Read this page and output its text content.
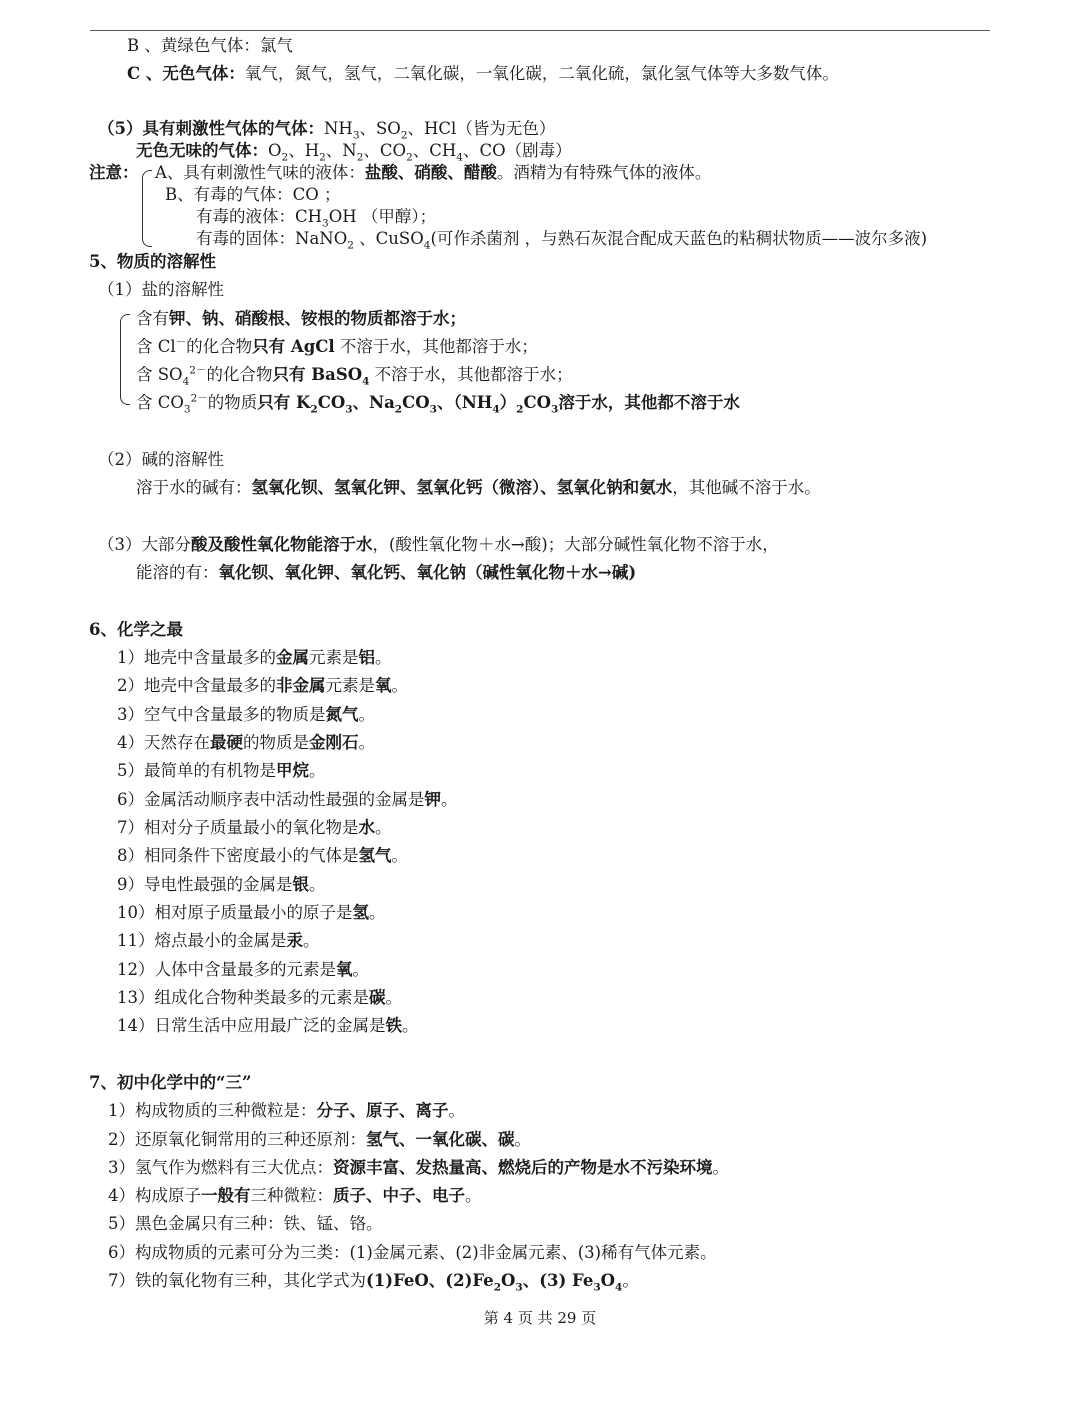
B 、黄绿色气体：氯气
C 、无色气体：氧气，氮气，氢气，二氧化碳，一氧化碳，二氧化硫，氯化氢气体等大多数气体。
（5）具有刺激性气体的气体：$NH_3$、$SO_2$、HCl（皆为无色）
无色无味的气体：$O_2$、$H_2$、$N_2$、$CO_2$、$CH_4$、CO（剧毒）
注意： A、具有刺激性气味的液体：盐酸、硝酸、醋酸。酒精为有特殊气体的液体。
B、有毒的气体：CO ；
有毒的液体：$CH_3OH$ （甲醇）；
有毒的固体：NaNO$_2$ 、CuSO$_4$(可作杀菌剂 ，与熟石灰混合配成天蓝色的粘稠状物质——波尔多液)
5、物质的溶解性
（1）盐的溶解性
含有钾、钠、硝酸根、铵根的物质都溶于水；
含 Cl－的化合物只有 AgCl 不溶于水，其他都溶于水；
含 $SO_4^{2-}$的化合物只有 BaSO$_4$ 不溶于水，其他都溶于水；
含 $CO_3^{2-}$的物质只有 $K_2CO_3$、$Na_2CO_3$、$(NH_4)_2CO_3$溶于水，其他都不溶于水
（2）碱的溶解性
溶于水的碱有：氢氧化钡、氢氧化钾、氢氧化钙（微溶）、氢氧化钠和氨水，其他碱不溶于水。
（3）大部分酸及酸性氧化物能溶于水，(酸性氧化物＋水→酸)；大部分碱性氧化物不溶于水，
能溶的有：氧化钡、氧化钾、氧化钙、氧化钠（碱性氧化物＋水→碱)
6、化学之最
1）地壳中含量最多的金属元素是铝。
2）地壳中含量最多的非金属元素是氧。
3）空气中含量最多的物质是氮气。
4）天然存在最硬的物质是金刚石。
5）最简单的有机物是甲烷。
6）金属活动顺序表中活动性最强的金属是钾。
7）相对分子质量最小的氧化物是水。
8）相同条件下密度最小的气体是氢气。
9）导电性最强的金属是银。
10）相对原子质量最小的原子是氢。
11）熔点最小的金属是汞。
12）人体中含量最多的元素是氧。
13）组成化合物种类最多的元素是碳。
14）日常生活中应用最广泛的金属是铁。
7、初中化学中的“三”
1）构成物质的三种微粒是：分子、原子、离子。
2）还原氧化铜常用的三种还原剂：氢气、一氧化碳、碳。
3）氢气作为燃料有三大优点：资源丰富、发热量高、燃烧后的产物是水不污染环境。
4）构成原子一般有三种微粒：质子、中子、电子。
5）黑色金属只有三种：铁、锰、铬。
6）构成物质的元素可分为三类：(1)金属元素、(2)非金属元素、(3)稀有气体元素。
7）铁的氧化物有三种，其化学式为(1)FeO、$(2)Fe_2O_3$、(3) $Fe_3O_4$。
第 4 页 共 29 页
